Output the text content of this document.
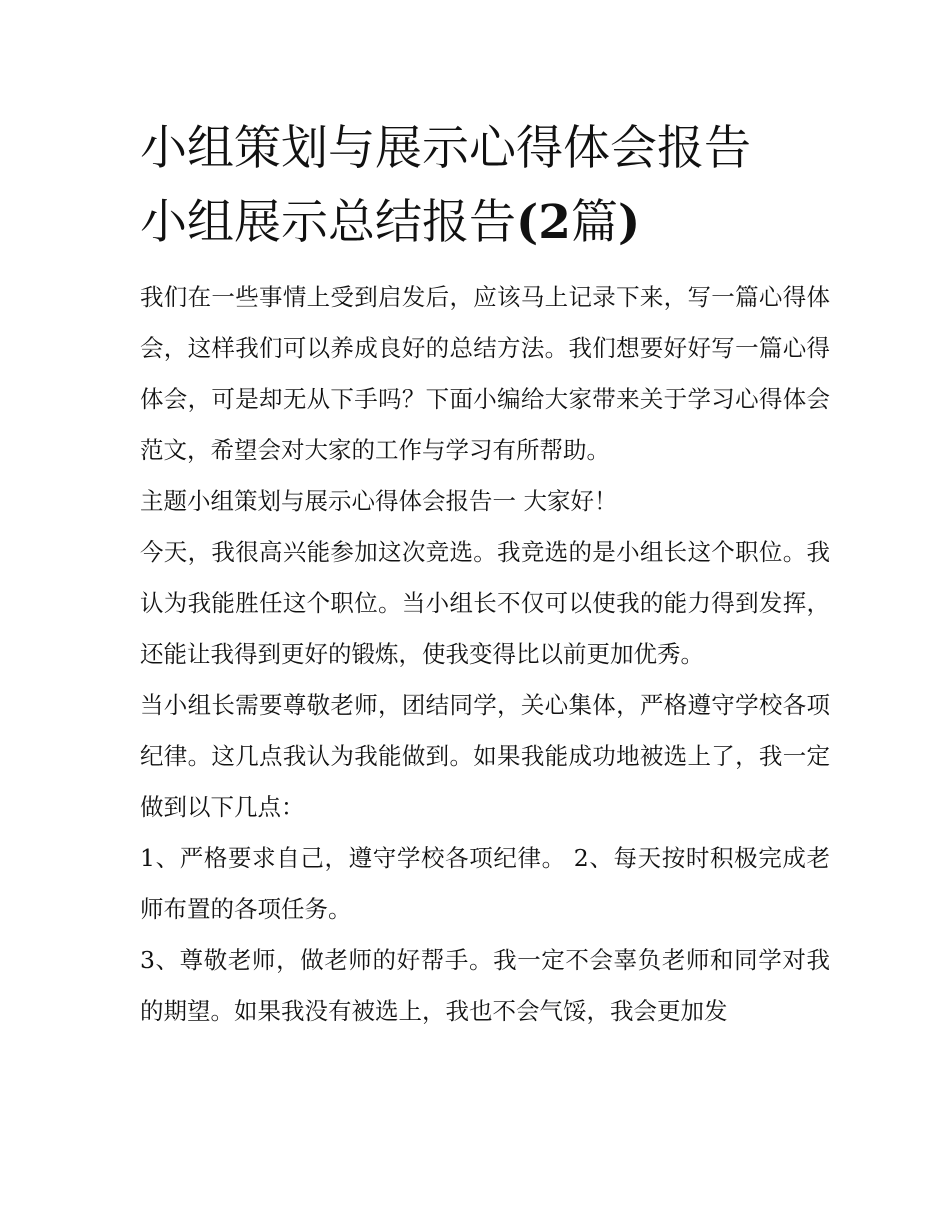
小组策划与展示心得体会报告
小组展示总结报告(2篇)

我们在一些事情上受到启发后，应该马上记录下来，写一篇心得体会，这样我们可以养成良好的总结方法。我们想要好好写一篇心得体会，可是却无从下手吗？下面小编给大家带来关于学习心得体会范文，希望会对大家的工作与学习有所帮助。

主题小组策划与展示心得体会报告一 大家好！

今天，我很高兴能参加这次竞选。我竞选的是小组长这个职位。我认为我能胜任这个职位。当小组长不仅可以使我的能力得到发挥，还能让我得到更好的锻炼，使我变得比以前更加优秀。

当小组长需要尊敬老师，团结同学，关心集体，严格遵守学校各项纪律。这几点我认为我能做到。如果我能成功地被选上了，我一定做到以下几点：

1、严格要求自己，遵守学校各项纪律。 2、每天按时积极完成老师布置的各项任务。

3、尊敬老师，做老师的好帮手。我一定不会辜负老师和同学对我的期望。如果我没有被选上，我也不会气馁，我会更加发
